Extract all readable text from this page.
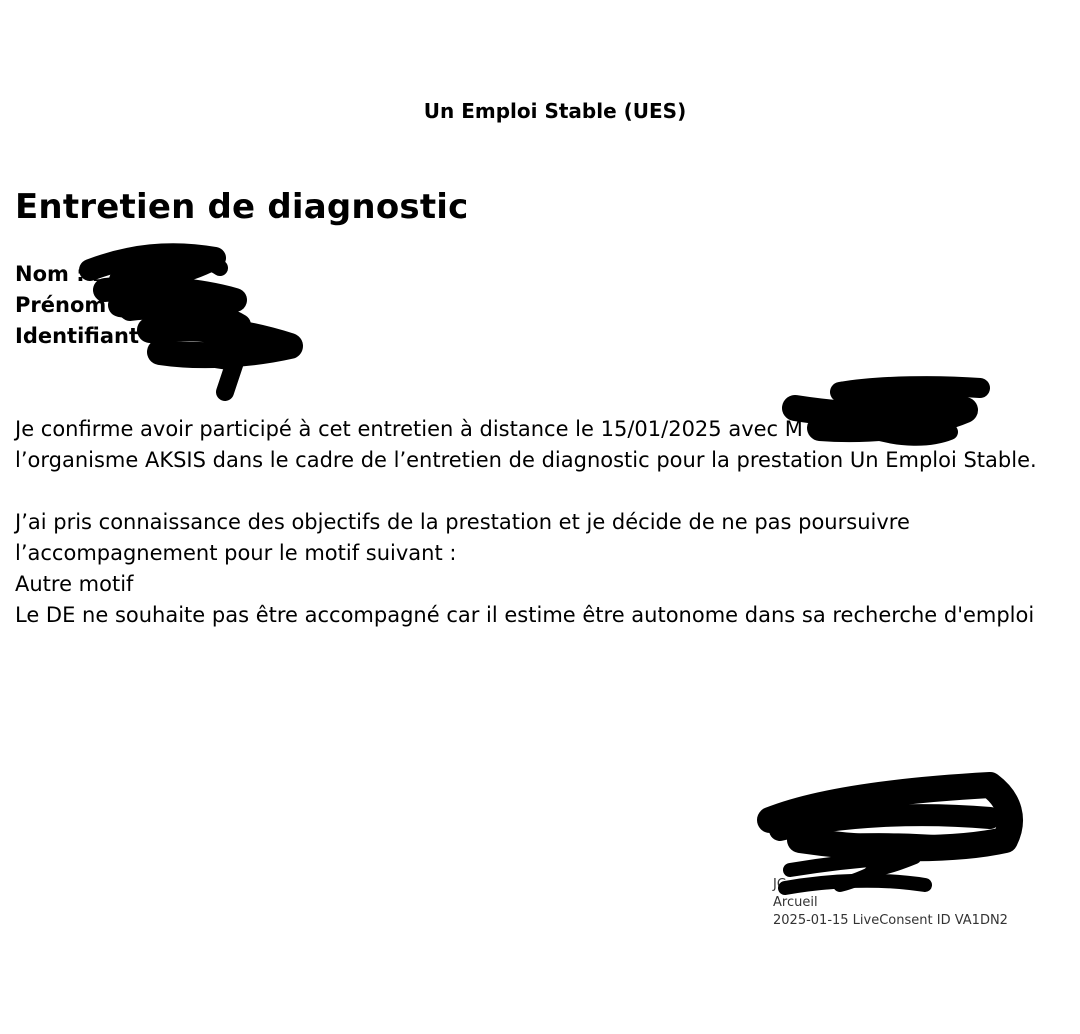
Un Emploi Stable (UES)
Entretien de diagnostic
Nom : ES
Prénom :
Identifiant	4E
Je confirme avoir participé à cet entretien à distance le 15/01/2025 avec M IR de
l’organisme AKSIS dans le cadre de l’entretien de diagnostic pour la prestation Un Emploi Stable.
J’ai pris connaissance des objectifs de la prestation et je décide de ne pas poursuivre
l’accompagnement pour le motif suivant :
Autre motif
Le DE ne souhaite pas être accompagné car il estime être autonome dans sa recherche d'emploi
JC
Arcueil
2025-01-15 LiveConsent ID VA1DN2
